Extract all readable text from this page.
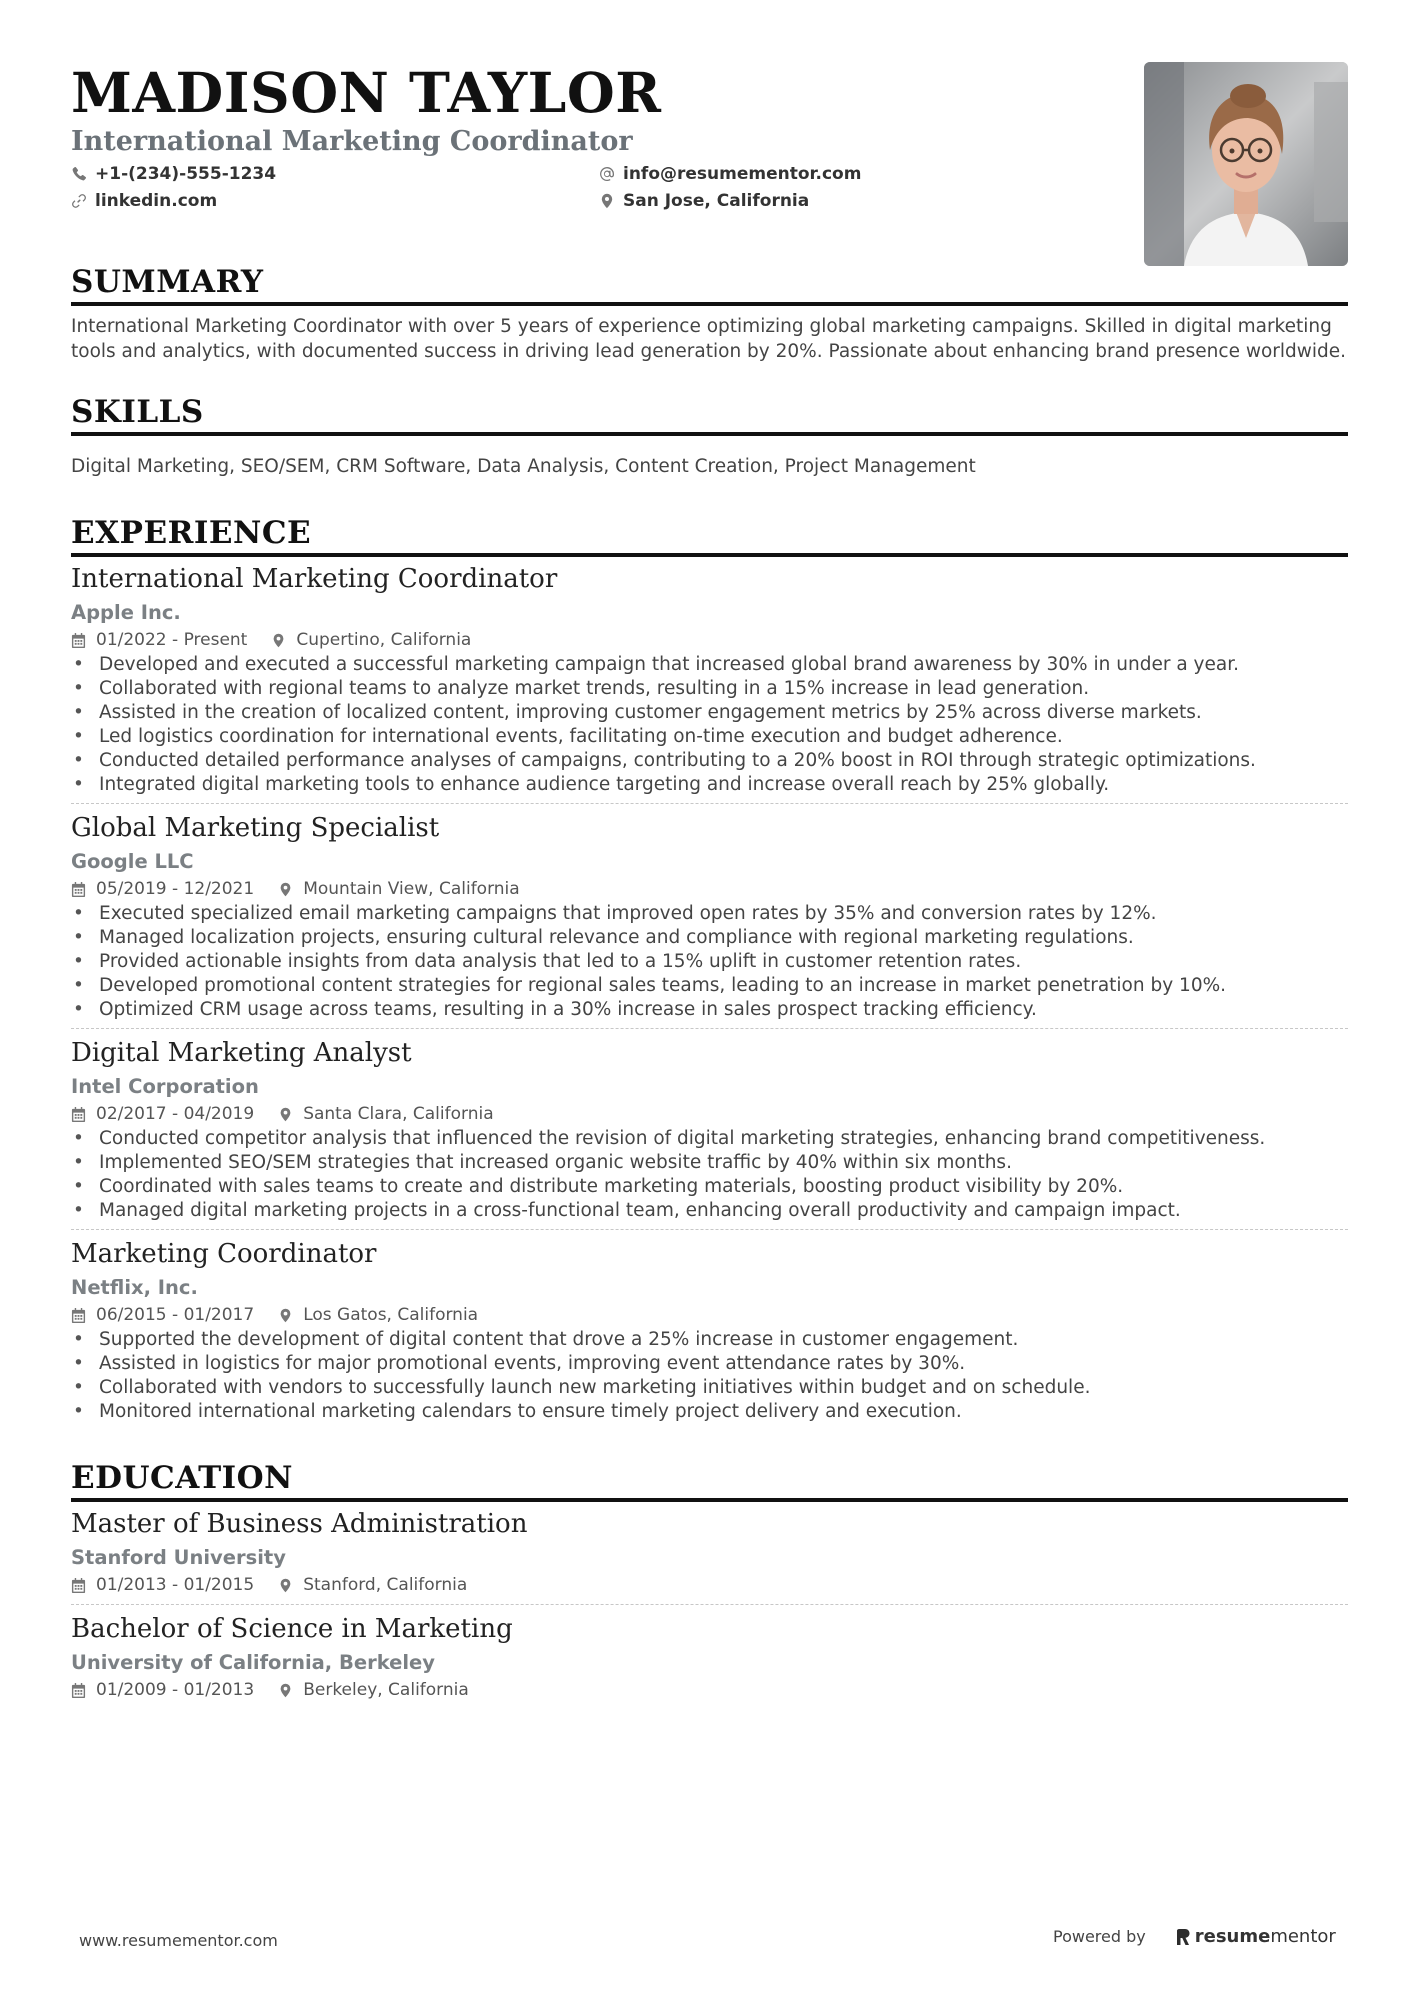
MADISON TAYLOR
International Marketing Coordinator
+1-(234)-555-1234
linkedin.com
info@resumementor.com
San Jose, California
SUMMARY
International Marketing Coordinator with over 5 years of experience optimizing global marketing campaigns. Skilled in digital marketing tools and analytics, with documented success in driving lead generation by 20%. Passionate about enhancing brand presence worldwide.
SKILLS
Digital Marketing, SEO/SEM, CRM Software, Data Analysis, Content Creation, Project Management
EXPERIENCE
International Marketing Coordinator
Apple Inc.
01/2022 - Present	Cupertino, California
• Developed and executed a successful marketing campaign that increased global brand awareness by 30% in under a year.
• Collaborated with regional teams to analyze market trends, resulting in a 15% increase in lead generation.
• Assisted in the creation of localized content, improving customer engagement metrics by 25% across diverse markets.
• Led logistics coordination for international events, facilitating on-time execution and budget adherence.
• Conducted detailed performance analyses of campaigns, contributing to a 20% boost in ROI through strategic optimizations.
• Integrated digital marketing tools to enhance audience targeting and increase overall reach by 25% globally.
Global Marketing Specialist
Google LLC
05/2019 - 12/2021	Mountain View, California
• Executed specialized email marketing campaigns that improved open rates by 35% and conversion rates by 12%.
• Managed localization projects, ensuring cultural relevance and compliance with regional marketing regulations.
• Provided actionable insights from data analysis that led to a 15% uplift in customer retention rates.
• Developed promotional content strategies for regional sales teams, leading to an increase in market penetration by 10%.
• Optimized CRM usage across teams, resulting in a 30% increase in sales prospect tracking efficiency.
Digital Marketing Analyst
Intel Corporation
02/2017 - 04/2019	Santa Clara, California
• Conducted competitor analysis that influenced the revision of digital marketing strategies, enhancing brand competitiveness.
• Implemented SEO/SEM strategies that increased organic website traffic by 40% within six months.
• Coordinated with sales teams to create and distribute marketing materials, boosting product visibility by 20%.
• Managed digital marketing projects in a cross-functional team, enhancing overall productivity and campaign impact.
Marketing Coordinator
Netflix, Inc.
06/2015 - 01/2017	Los Gatos, California
• Supported the development of digital content that drove a 25% increase in customer engagement.
• Assisted in logistics for major promotional events, improving event attendance rates by 30%.
• Collaborated with vendors to successfully launch new marketing initiatives within budget and on schedule.
• Monitored international marketing calendars to ensure timely project delivery and execution.
EDUCATION
Master of Business Administration
Stanford University
01/2013 - 01/2015	Stanford, California
Bachelor of Science in Marketing
University of California, Berkeley
01/2009 - 01/2013	Berkeley, California
www.resumementor.com	Powered by	resume mentor
